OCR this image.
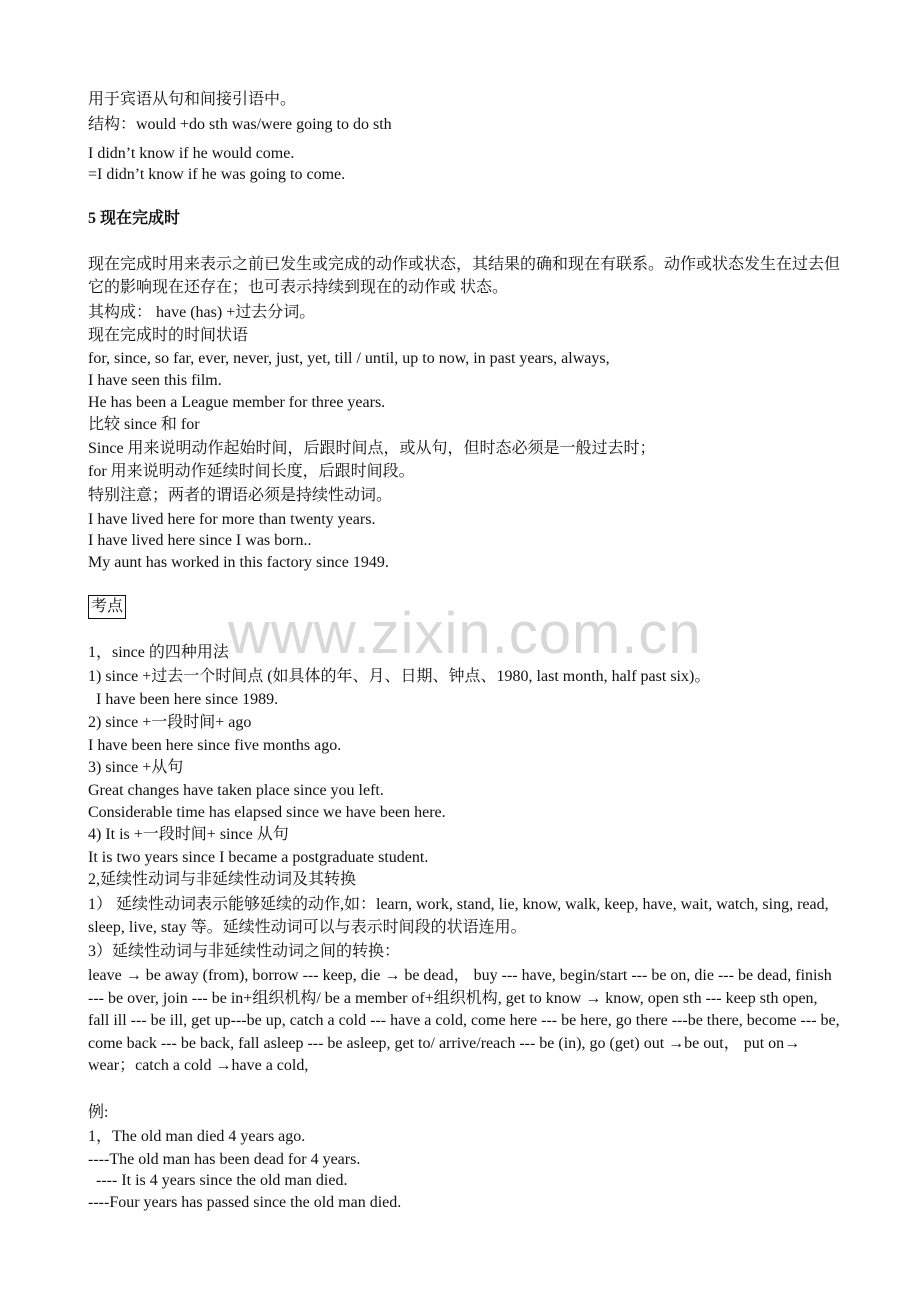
www.zixin.com.cn
用于宾语从句和间接引语中。
结构：would +do sth was/were going to do sth
I didn’t know if he would come.
=I didn’t know if he was going to come.
5 现在完成时
现在完成时用来表示之前已发生或完成的动作或状态，其结果的确和现在有联系。动作或状态发生在过去但它的影响现在还存在；也可表示持续到现在的动作或 状态。
其构成： have (has) +过去分词。
现在完成时的时间状语
for, since, so far, ever, never, just, yet, till / until, up to now, in past years, always,
I have seen this film.
He has been a League member for three years.
比较 since 和 for
Since 用来说明动作起始时间，后跟时间点，或从句，但时态必须是一般过去时；
for 用来说明动作延续时间长度，后跟时间段。
特别注意；两者的谓语必须是持续性动词。
I have lived here for more than twenty years.
I have lived here since I was born..
My aunt has worked in this factory since 1949.
考点
1，since 的四种用法
1) since +过去一个时间点 (如具体的年、月、日期、钟点、1980, last month, half past six)。
I have been here since 1989.
2) since +一段时间+ ago
I have been here since five months ago.
3) since +从句
Great changes have taken place since you left.
Considerable time has elapsed since we have been here.
4) It is +一段时间+ since 从句
It is two years since I became a postgraduate student.
2,延续性动词与非延续性动词及其转换
1） 延续性动词表示能够延续的动作,如：learn, work, stand, lie, know, walk, keep, have, wait, watch, sing, read, sleep, live, stay 等。延续性动词可以与表示时间段的状语连用。
3）延续性动词与非延续性动词之间的转换：
leave → be away (from), borrow --- keep, die → be dead， buy --- have, begin/start --- be on, die --- be dead, finish --- be over, join --- be in+组织机构/ be a member of+组织机构, get to know → know, open sth --- keep sth open, fall ill --- be ill, get up---be up, catch a cold --- have a cold, come here --- be here, go there ---be there, become --- be, come back --- be back, fall asleep --- be asleep, get to/ arrive/reach --- be (in), go (get) out →be out， put on→ wear；catch a cold →have a cold,
例:
1，The old man died 4 years ago.
----The old man has been dead for 4 years.
---- It is 4 years since the old man died.
----Four years has passed since the old man died.
